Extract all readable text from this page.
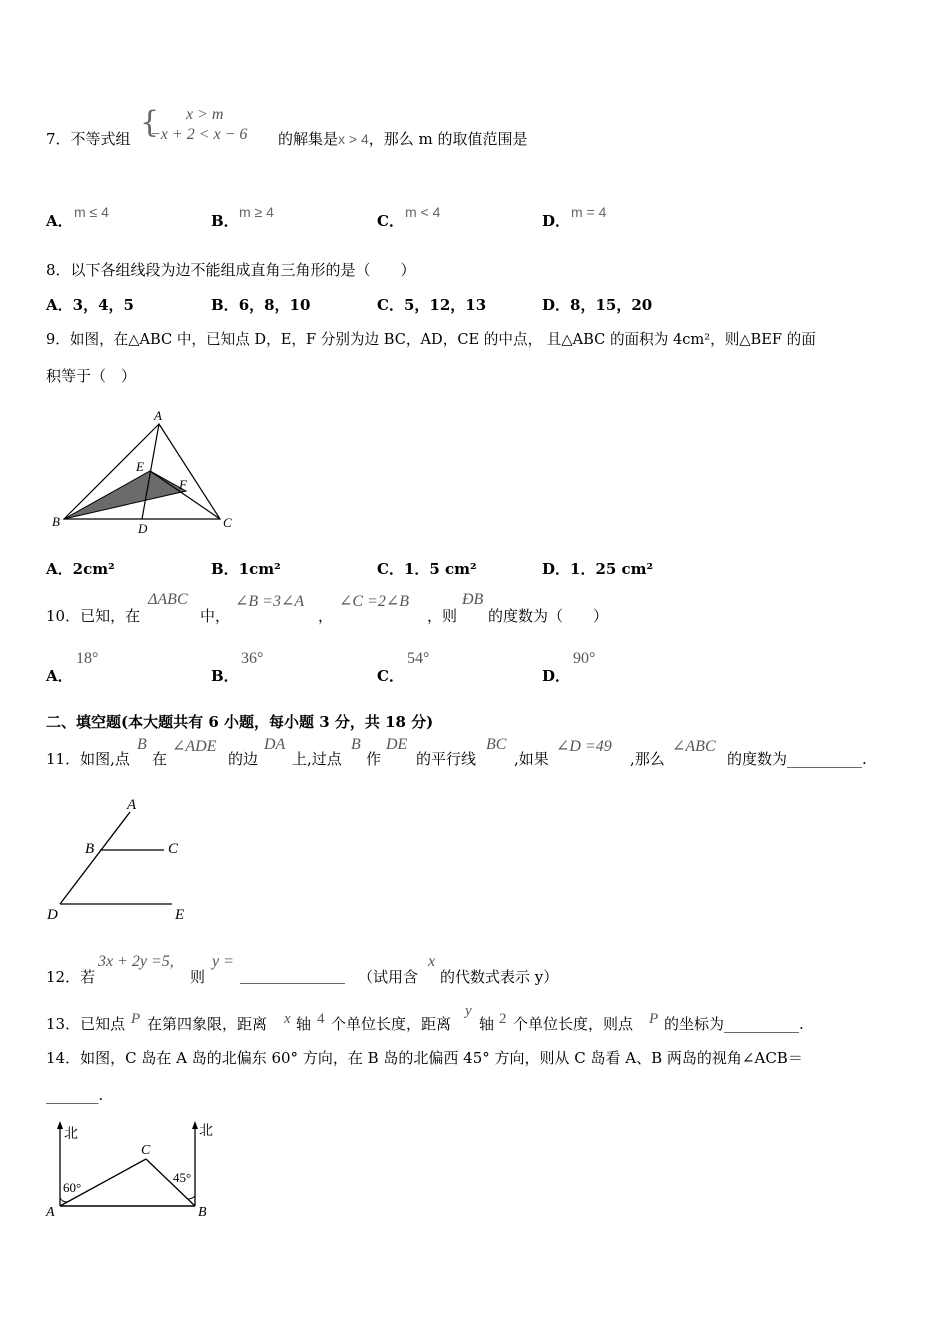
7．不等式组 { x > m
−x + 2 < x − 6 的解集是x > 4，那么 m 的取值范围是
A． m ≤ 4	B． m ≥ 4	C． m < 4	D． m = 4
8．以下各组线段为边不能组成直角三角形的是（　　）
A．3，4，5	B．6，8，10	C．5，12，13	D．8，15，20
9．如图，在△ABC 中，已知点 D，E，F 分别为边 BC，AD，CE 的中点， 且△ABC 的面积为 4cm²，则△BEF 的面
积等于（　）
A
B	C
D
E
F
A．2cm²	B．1cm²	C．1．5 cm²	D．1．25 cm²
10．已知，在
ΔABC
中，
∠B =3∠A
，
∠C =2∠B
，则
ÐB
的度数为（　　）
A．
18°
B．
36°
C．
54°
D．
90°
二、填空题(本大题共有 6 小题，每小题 3 分，共 18 分)
11．如图,点
B
在
∠ADE
的边
DA
上,过点
B
作
DE
的平行线
BC
,如果
∠D =49
,那么
∠ABC
的度数为__________.
A
B	C
D	E
12．若
3x + 2y =5,
则
y =
______________ （试用含
x
的代数式表示 y）
13．已知点 P 在第四象限，距离 x 轴 4 个单位长度，距离
y
轴 2 个单位长度，则点 P 的坐标为__________.
14．如图，C 岛在 A 岛的北偏东 60° 方向，在 B 岛的北偏西 45° 方向，则从 C 岛看 A、B 两岛的视角∠ACB＝
_______.
北	北
A	B
C
60°
45°
